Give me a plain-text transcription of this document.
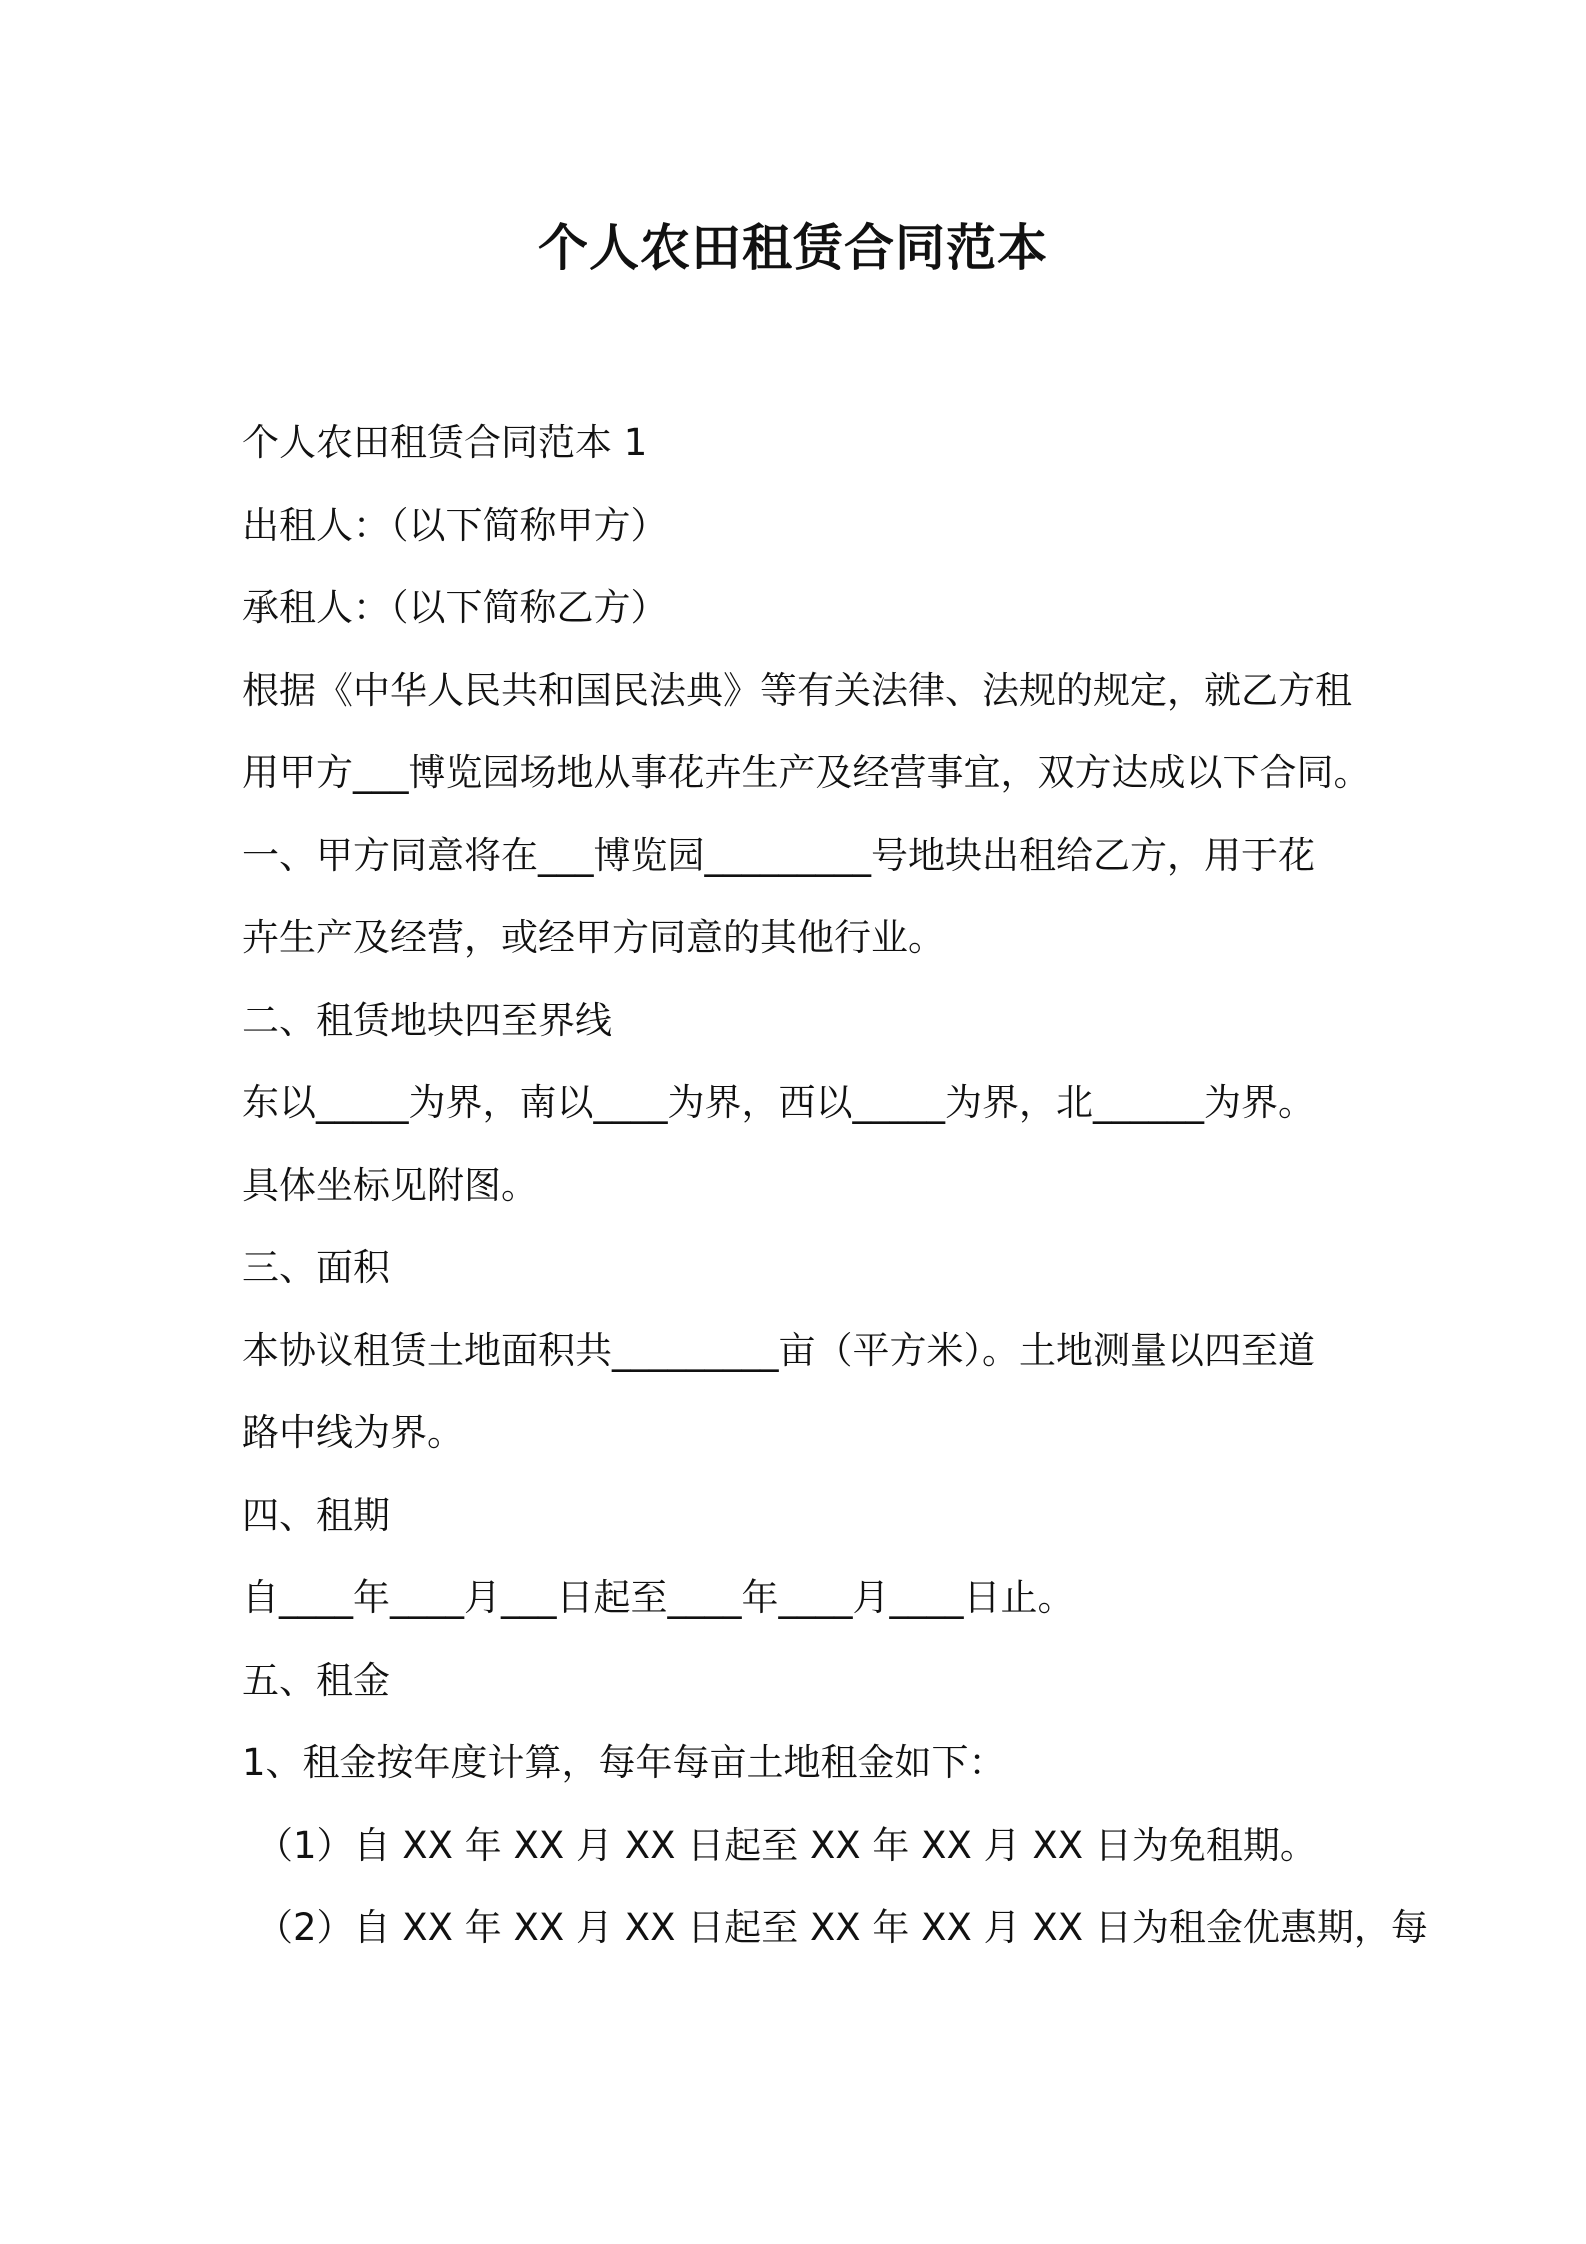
个人农田租赁合同范本
个人农田租赁合同范本 1
出租人：（以下简称甲方）
承租人：（以下简称乙方）
根据《中华人民共和国民法典》等有关法律、法规的规定，就乙方租
用甲方___博览园场地从事花卉生产及经营事宜，双方达成以下合同。
一、甲方同意将在___博览园_________号地块出租给乙方，用于花
卉生产及经营，或经甲方同意的其他行业。
二、租赁地块四至界线
东以_____为界，南以____为界，西以_____为界，北______为界。
具体坐标见附图。
三、面积
本协议租赁土地面积共_________亩（平方米）。土地测量以四至道
路中线为界。
四、租期
自____年____月___日起至____年____月____日止。
五、租金
1、租金按年度计算，每年每亩土地租金如下：
（1）自 XX 年 XX 月 XX 日起至 XX 年 XX 月 XX 日为免租期。
（2）自 XX 年 XX 月 XX 日起至 XX 年 XX 月 XX 日为租金优惠期，每
